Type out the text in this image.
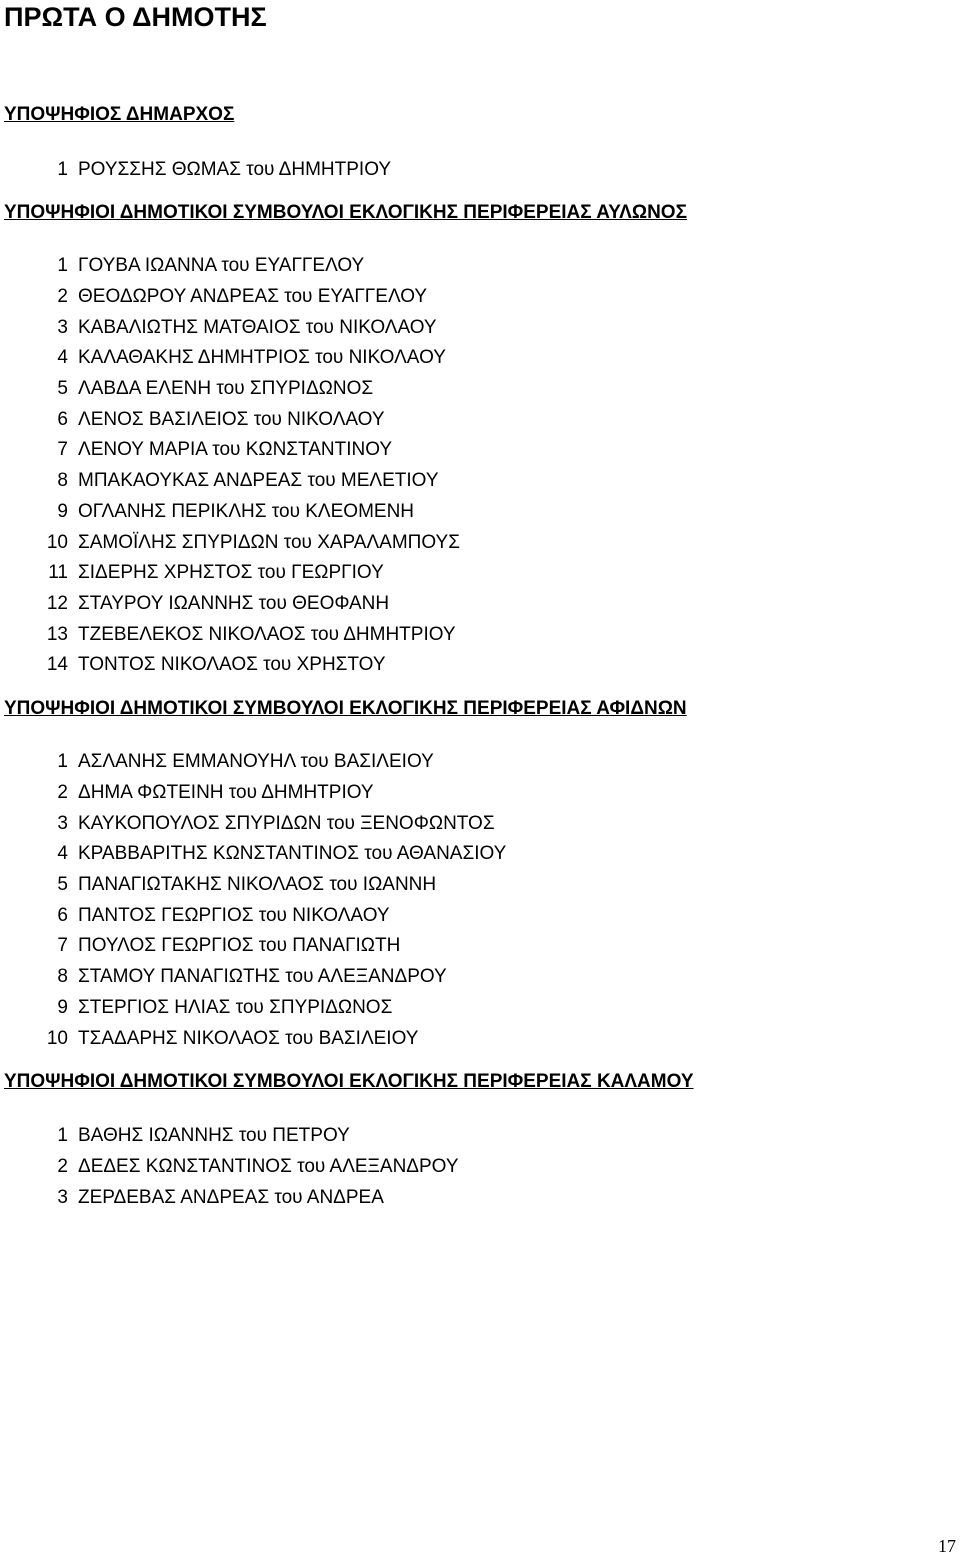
ΠΡΩΤΑ Ο ΔΗΜΟΤΗΣ
ΥΠΟΨΗΦΙΟΣ ΔΗΜΑΡΧΟΣ
1 ΡΟΥΣΣΗΣ ΘΩΜΑΣ του ΔΗΜΗΤΡΙΟΥ
ΥΠΟΨΗΦΙΟΙ ΔΗΜΟΤΙΚΟΙ ΣΥΜΒΟΥΛΟΙ ΕΚΛΟΓΙΚΗΣ ΠΕΡΙΦΕΡΕΙΑΣ ΑΥΛΩΝΟΣ
1 ΓΟΥΒΑ ΙΩΑΝΝΑ του ΕΥΑΓΓΕΛΟΥ
2 ΘΕΟΔΩΡΟΥ ΑΝΔΡΕΑΣ του ΕΥΑΓΓΕΛΟΥ
3 ΚΑΒΑΛΙΩΤΗΣ ΜΑΤΘΑΙΟΣ του ΝΙΚΟΛΑΟΥ
4 ΚΑΛΑΘΑΚΗΣ ΔΗΜΗΤΡΙΟΣ του ΝΙΚΟΛΑΟΥ
5 ΛΑΒΔΑ ΕΛΕΝΗ του ΣΠΥΡΙΔΩΝΟΣ
6 ΛΕΝΟΣ ΒΑΣΙΛΕΙΟΣ του ΝΙΚΟΛΑΟΥ
7 ΛΕΝΟΥ ΜΑΡΙΑ του ΚΩΝΣΤΑΝΤΙΝΟΥ
8 ΜΠΑΚΑΟΥΚΑΣ ΑΝΔΡΕΑΣ του ΜΕΛΕΤΙΟΥ
9 ΟΓΛΑΝΗΣ ΠΕΡΙΚΛΗΣ του ΚΛΕΟΜΕΝΗ
10 ΣΑΜΟΪΛΗΣ ΣΠΥΡΙΔΩΝ του ΧΑΡΑΛΑΜΠΟΥΣ
11 ΣΙΔΕΡΗΣ ΧΡΗΣΤΟΣ του ΓΕΩΡΓΙΟΥ
12 ΣΤΑΥΡΟΥ ΙΩΑΝΝΗΣ του ΘΕΟΦΑΝΗ
13 ΤΖΕΒΕΛΕΚΟΣ ΝΙΚΟΛΑΟΣ του ΔΗΜΗΤΡΙΟΥ
14 ΤΟΝΤΟΣ ΝΙΚΟΛΑΟΣ του ΧΡΗΣΤΟΥ
ΥΠΟΨΗΦΙΟΙ ΔΗΜΟΤΙΚΟΙ ΣΥΜΒΟΥΛΟΙ ΕΚΛΟΓΙΚΗΣ ΠΕΡΙΦΕΡΕΙΑΣ ΑΦΙΔΝΩΝ
1 ΑΣΛΑΝΗΣ ΕΜΜΑΝΟΥΗΛ του ΒΑΣΙΛΕΙΟΥ
2 ΔΗΜΑ ΦΩΤΕΙΝΗ του ΔΗΜΗΤΡΙΟΥ
3 ΚΑΥΚΟΠΟΥΛΟΣ ΣΠΥΡΙΔΩΝ του ΞΕΝΟΦΩΝΤΟΣ
4 ΚΡΑΒΒΑΡΙΤΗΣ ΚΩΝΣΤΑΝΤΙΝΟΣ του ΑΘΑΝΑΣΙΟΥ
5 ΠΑΝΑΓΙΩΤΑΚΗΣ ΝΙΚΟΛΑΟΣ του ΙΩΑΝΝΗ
6 ΠΑΝΤΟΣ ΓΕΩΡΓΙΟΣ του ΝΙΚΟΛΑΟΥ
7 ΠΟΥΛΟΣ ΓΕΩΡΓΙΟΣ του ΠΑΝΑΓΙΩΤΗ
8 ΣΤΑΜΟΥ ΠΑΝΑΓΙΩΤΗΣ του ΑΛΕΞΑΝΔΡΟΥ
9 ΣΤΕΡΓΙΟΣ ΗΛΙΑΣ του ΣΠΥΡΙΔΩΝΟΣ
10 ΤΣΑΔΑΡΗΣ ΝΙΚΟΛΑΟΣ του ΒΑΣΙΛΕΙΟΥ
ΥΠΟΨΗΦΙΟΙ ΔΗΜΟΤΙΚΟΙ ΣΥΜΒΟΥΛΟΙ ΕΚΛΟΓΙΚΗΣ ΠΕΡΙΦΕΡΕΙΑΣ ΚΑΛΑΜΟΥ
1 ΒΑΘΗΣ ΙΩΑΝΝΗΣ του ΠΕΤΡΟΥ
2 ΔΕΔΕΣ ΚΩΝΣΤΑΝΤΙΝΟΣ του ΑΛΕΞΑΝΔΡΟΥ
3 ΖΕΡΔΕΒΑΣ ΑΝΔΡΕΑΣ του ΑΝΔΡΕΑ
17
